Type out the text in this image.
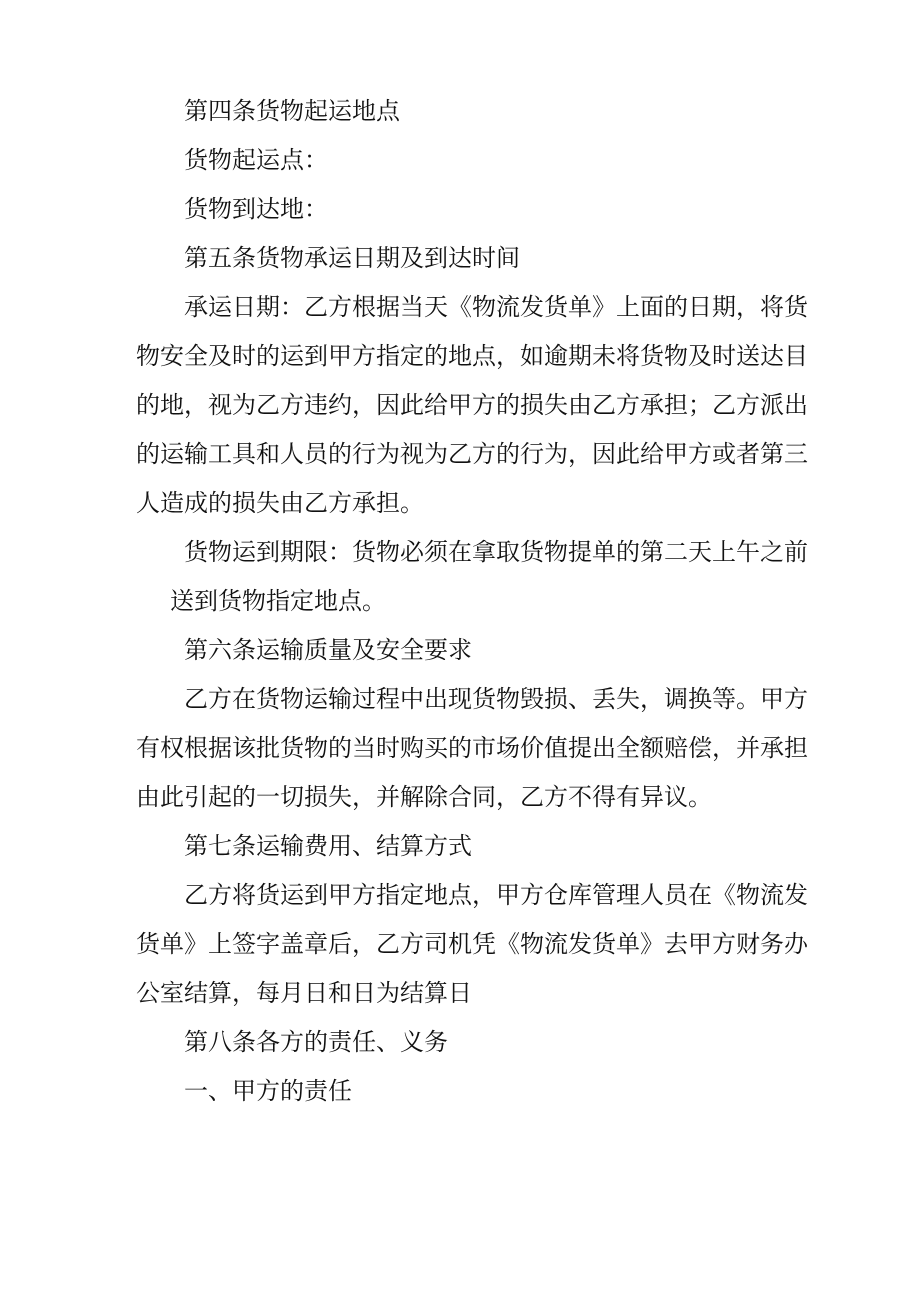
第四条货物起运地点
货物起运点：
货物到达地：
第五条货物承运日期及到达时间
承运日期：乙方根据当天《物流发货单》上面的日期，将货
物安全及时的运到甲方指定的地点，如逾期未将货物及时送达目
的地，视为乙方违约，因此给甲方的损失由乙方承担；乙方派出
的运输工具和人员的行为视为乙方的行为，因此给甲方或者第三
人造成的损失由乙方承担。
货物运到期限：货物必须在拿取货物提单的第二天上午之前
送到货物指定地点。
第六条运输质量及安全要求
乙方在货物运输过程中出现货物毁损、丢失，调换等。甲方
有权根据该批货物的当时购买的市场价值提出全额赔偿，并承担
由此引起的一切损失，并解除合同，乙方不得有异议。
第七条运输费用、结算方式
乙方将货运到甲方指定地点，甲方仓库管理人员在《物流发
货单》上签字盖章后，乙方司机凭《物流发货单》去甲方财务办
公室结算，每月日和日为结算日
第八条各方的责任、义务
一、甲方的责任
